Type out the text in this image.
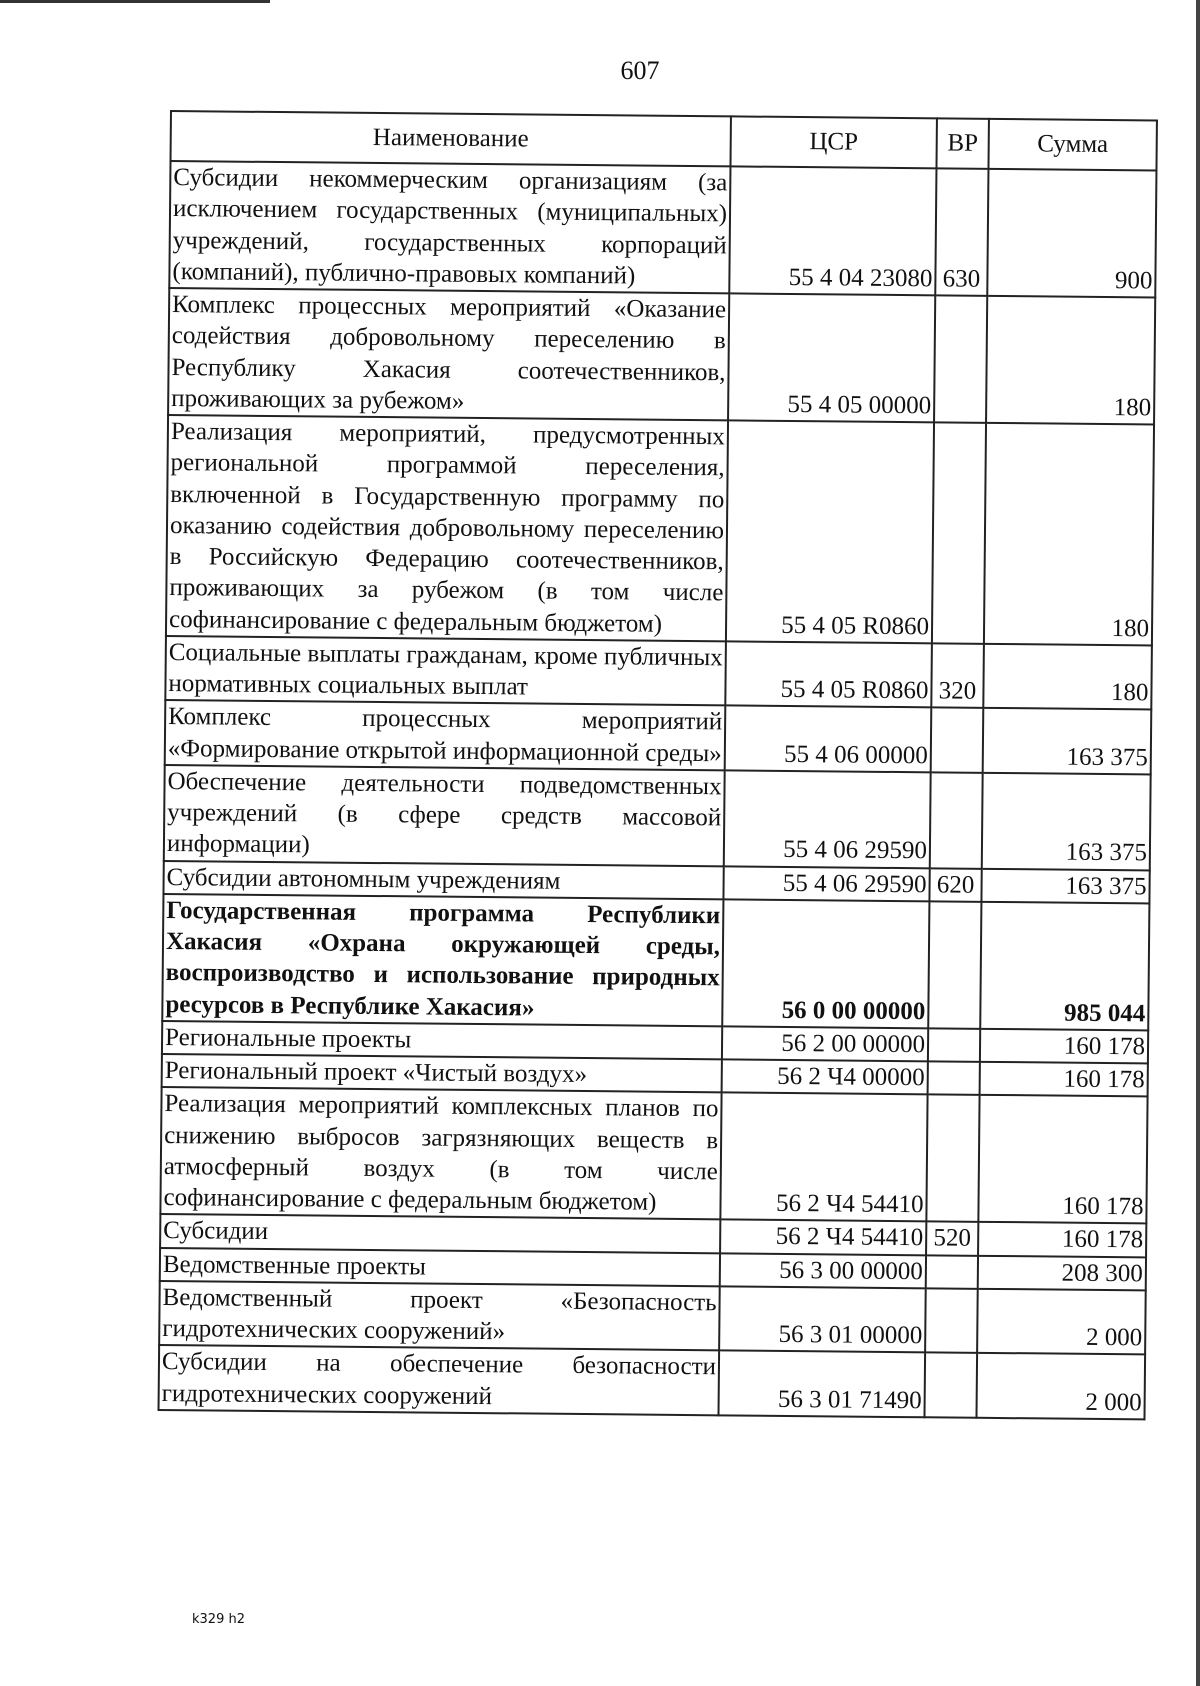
607
Наименование	ЦСР	ВР	Сумма
Субсидии некоммерческим организациям (за исключением государственных (муниципальных) учреждений, государственных корпораций (компаний), публично-правовых компаний)	55 4 04 23080	630	900
Комплекс процессных мероприятий «Оказание содействия добровольному переселению в Республику Хакасия соотечественников, проживающих за рубежом»	55 4 05 00000		180
Реализация мероприятий, предусмотренных региональной программой переселения, включенной в Государственную программу по оказанию содействия добровольному переселению в Российскую Федерацию соотечественников, проживающих за рубежом (в том числе софинансирование с федеральным бюджетом)	55 4 05 R0860		180
Социальные выплаты гражданам, кроме публичных нормативных социальных выплат	55 4 05 R0860	320	180
Комплекс процессных мероприятий «Формирование открытой информационной среды»	55 4 06 00000		163 375
Обеспечение деятельности подведомственных учреждений (в сфере средств массовой информации)	55 4 06 29590		163 375
Субсидии автономным учреждениям	55 4 06 29590	620	163 375
Государственная программа Республики Хакасия «Охрана окружающей среды, воспроизводство и использование природных ресурсов в Республике Хакасия»	56 0 00 00000		985 044
Региональные проекты	56 2 00 00000		160 178
Региональный проект «Чистый воздух»	56 2 Ч4 00000		160 178
Реализация мероприятий комплексных планов по снижению выбросов загрязняющих веществ в атмосферный воздух (в том числе софинансирование с федеральным бюджетом)	56 2 Ч4 54410		160 178
Субсидии	56 2 Ч4 54410	520	160 178
Ведомственные проекты	56 3 00 00000		208 300
Ведомственный проект «Безопасность гидротехнических сооружений»	56 3 01 00000		2 000
Субсидии на обеспечение безопасности гидротехнических сооружений	56 3 01 71490		2 000
k329 h2
